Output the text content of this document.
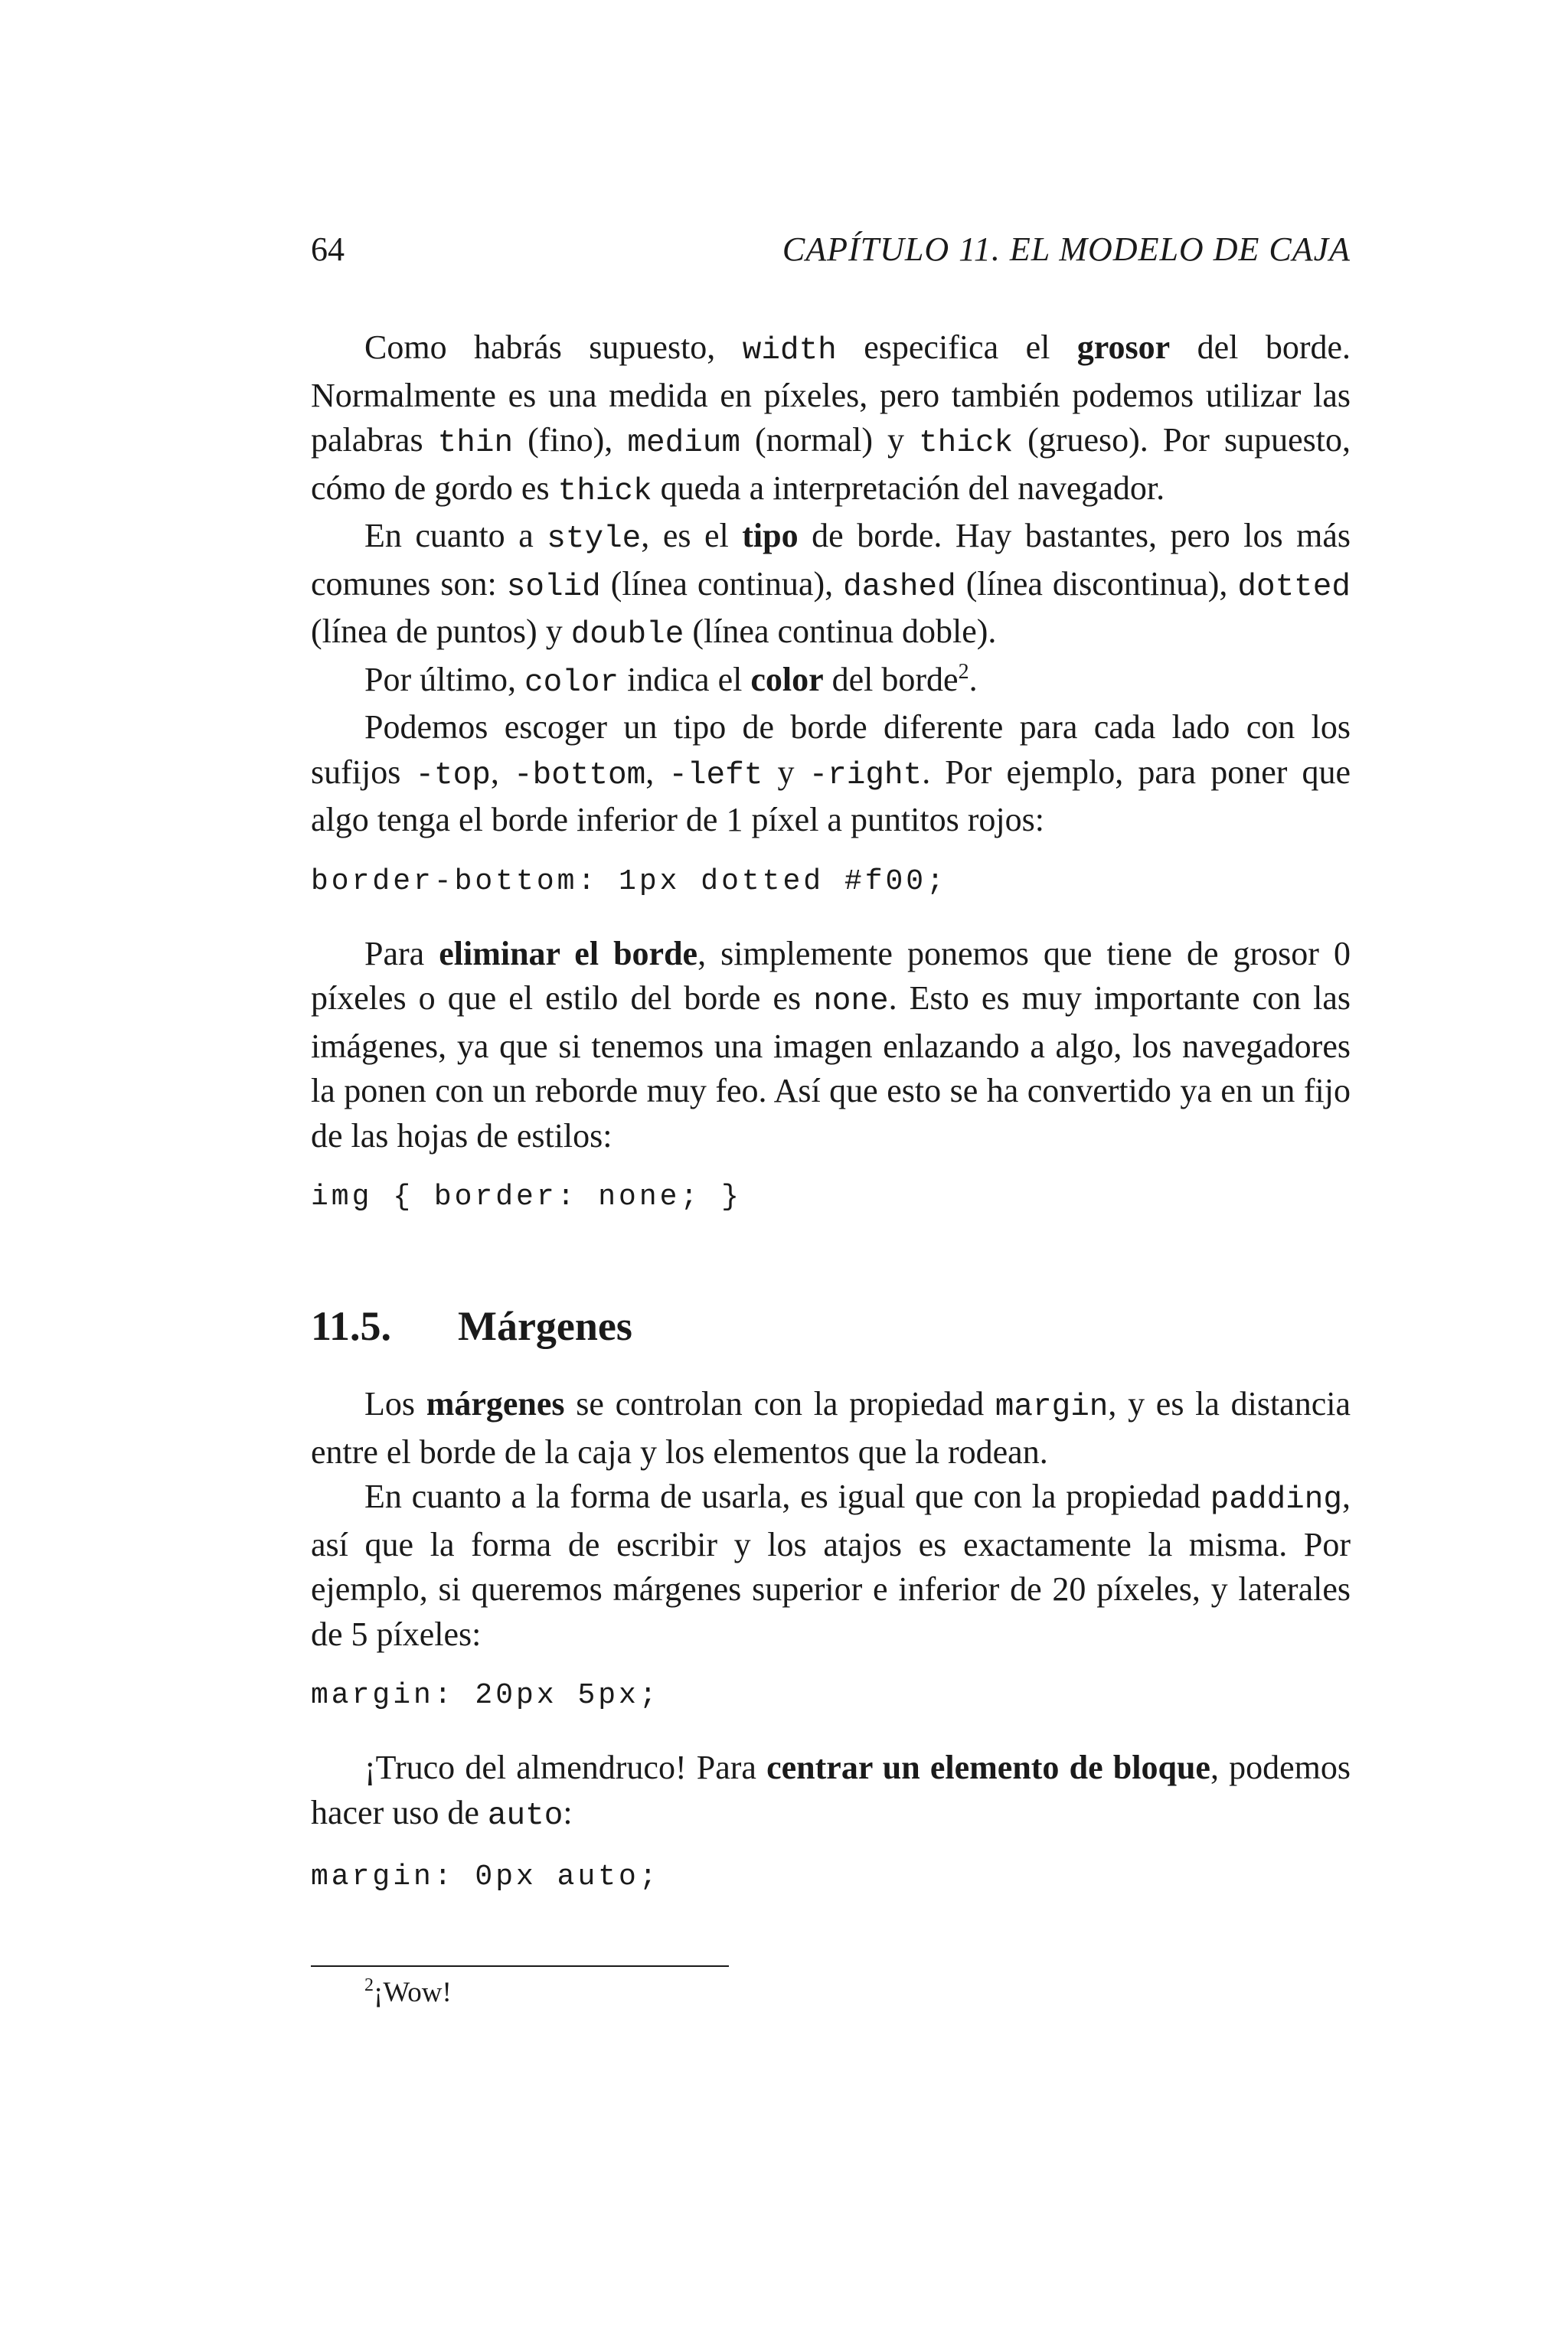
64	CAPÍTULO 11. EL MODELO DE CAJA

Como habrás supuesto, width especifica el grosor del borde. Normalmente es una medida en píxeles, pero también podemos utilizar las palabras thin (fino), medium (normal) y thick (grueso). Por supuesto, cómo de gordo es thick queda a interpretación del navegador.

En cuanto a style, es el tipo de borde. Hay bastantes, pero los más comunes son: solid (línea continua), dashed (línea discontinua), dotted (línea de puntos) y double (línea continua doble).

Por último, color indica el color del borde$^2$.

Podemos escoger un tipo de borde diferente para cada lado con los sufijos -top, -bottom, -left y -right. Por ejemplo, para poner que algo tenga el borde inferior de 1 píxel a puntitos rojos:

border-bottom: 1px dotted #f00;

Para eliminar el borde, simplemente ponemos que tiene de grosor 0 píxeles o que el estilo del borde es none. Esto es muy importante con las imágenes, ya que si tenemos una imagen enlazando a algo, los navegadores la ponen con un reborde muy feo. Así que esto se ha convertido ya en un fijo de las hojas de estilos:

img { border: none; }
11.5. Márgenes

Los márgenes se controlan con la propiedad margin, y es la distancia entre el borde de la caja y los elementos que la rodean.

En cuanto a la forma de usarla, es igual que con la propiedad padding, así que la forma de escribir y los atajos es exactamente la misma. Por ejemplo, si queremos márgenes superior e inferior de 20 píxeles, y laterales de 5 píxeles:

margin: 20px 5px;

¡Truco del almendruco! Para centrar un elemento de bloque, podemos hacer uso de auto:

margin: 0px auto;
$^2$¡Wow!
